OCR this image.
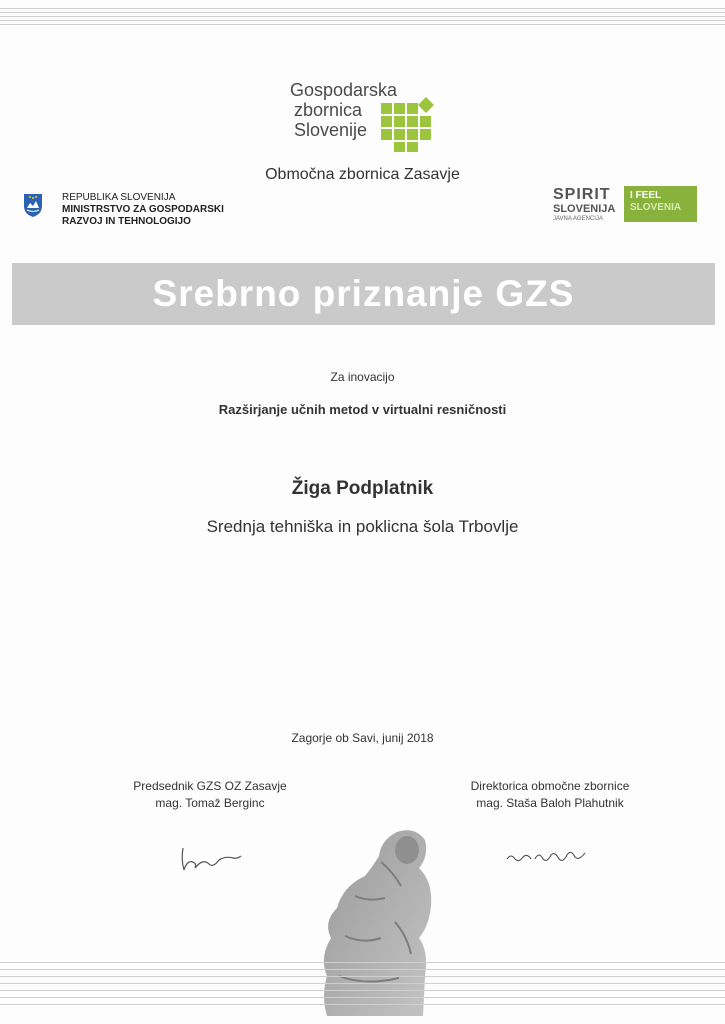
Gospodarska
zbornica
Slovenije
Območna zbornica Zasavje
REPUBLIKA SLOVENIJA
MINISTRSTVO ZA GOSPODARSKI
RAZVOJ IN TEHNOLOGIJO
SPIRIT
SLOVENIJA
JAVNA AGENCIJA
I FEEL
SLOVENIA
Srebrno priznanje GZS
Za inovacijo
Razširjanje učnih metod v virtualni resničnosti
Žiga Podplatnik
Srednja tehniška in poklicna šola Trbovlje
Zagorje ob Savi, junij 2018
Predsednik GZS OZ Zasavje
mag. Tomaž Berginc
Direktorica območne zbornice
mag. Staša Baloh Plahutnik
